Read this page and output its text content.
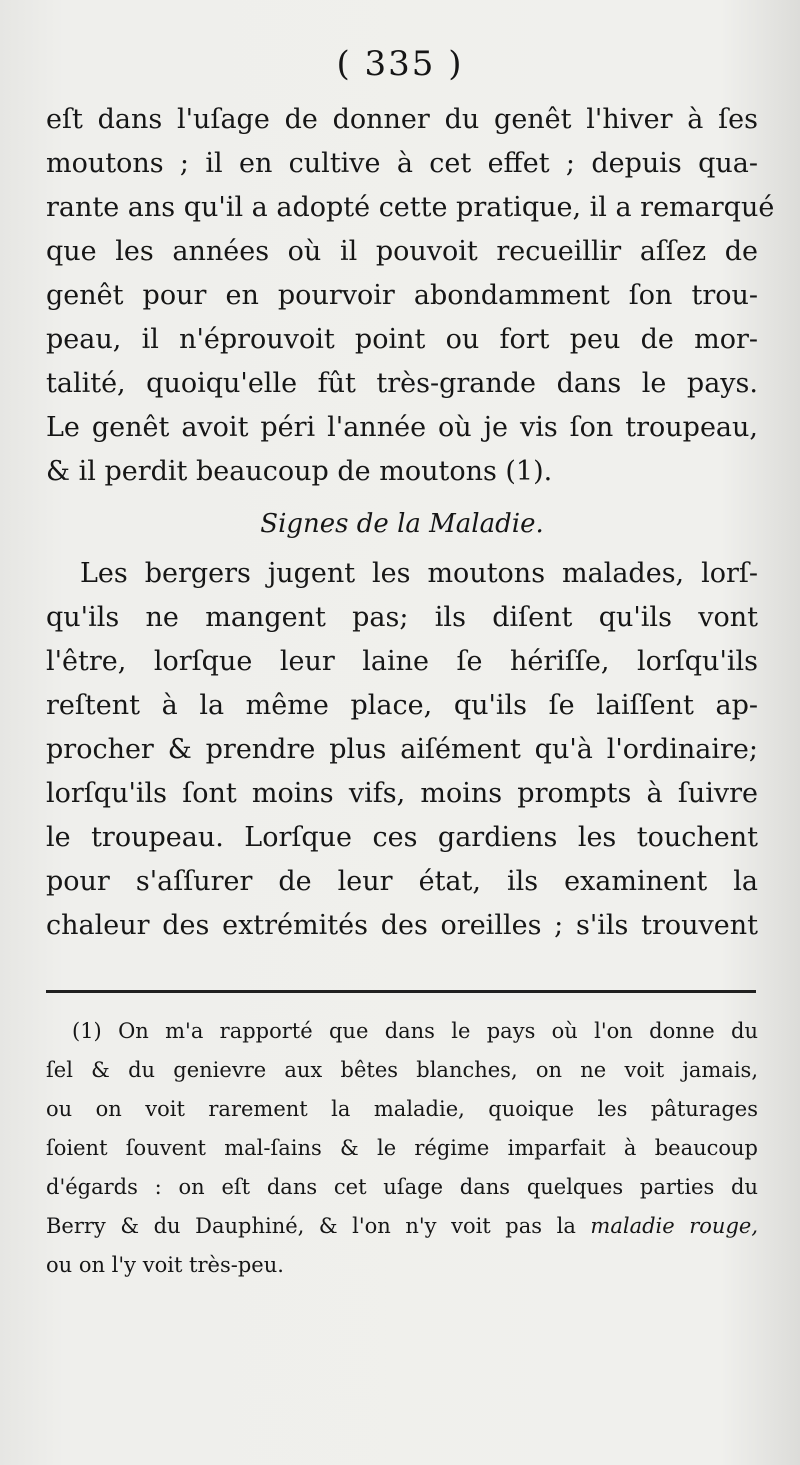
( 335 )
eſt dans l'uſage de donner du genêt l'hiver à ſes
moutons ; il en cultive à cet effet ; depuis qua-
rante ans qu'il a adopté cette pratique, il a remarqué
que les années où il pouvoit recueillir aſſez de
genêt pour en pourvoir abondamment ſon trou-
peau, il n'éprouvoit point ou fort peu de mor-
talité, quoiqu'elle fût très-grande dans le pays.
Le genêt avoit péri l'année où je vis ſon troupeau,
& il perdit beaucoup de moutons (1).
Signes de la Maladie.
Les bergers jugent les moutons malades, lorſ-
qu'ils ne mangent pas; ils diſent qu'ils vont
l'être, lorſque leur laine ſe hériſſe, lorſqu'ils
reſtent à la même place, qu'ils ſe laiſſent ap-
procher & prendre plus aiſément qu'à l'ordinaire;
lorſqu'ils ſont moins vifs, moins prompts à ſuivre
le troupeau. Lorſque ces gardiens les touchent
pour s'aſſurer de leur état, ils examinent la
chaleur des extrémités des oreilles ; s'ils trouvent
(1) On m'a rapporté que dans le pays où l'on donne du
ſel & du genievre aux bêtes blanches, on ne voit jamais,
ou on voit rarement la maladie, quoique les pâturages
ſoient ſouvent mal-ſains & le régime imparfait à beaucoup
d'égards : on eſt dans cet uſage dans quelques parties du
Berry & du Dauphiné, & l'on n'y voit pas la maladie rouge,
ou on l'y voit très-peu.
